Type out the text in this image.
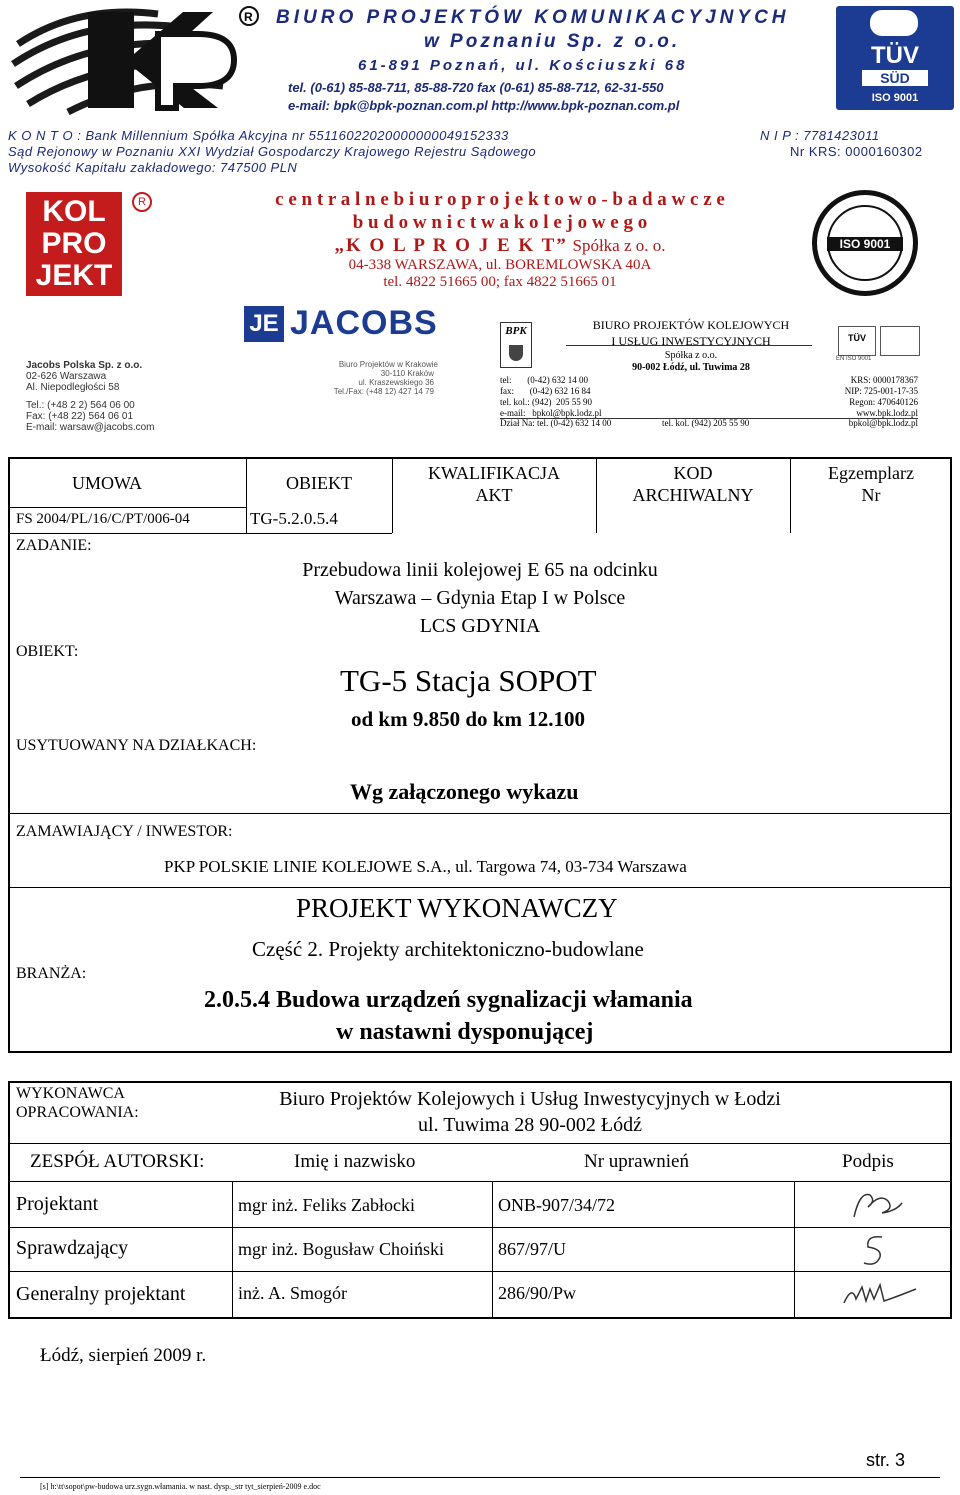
R BIURO PROJEKTÓW KOMUNIKACYJNYCH
w Poznaniu Sp. z o.o.
61-891 Poznań, ul. Kościuszki 68
tel. (0-61) 85-88-711, 85-88-720 fax (0-61) 85-88-712, 62-31-550
e-mail: bpk@bpk-poznan.com.pl http://www.bpk-poznan.com.pl
TÜV
SÜD
ISO 9001
K O N T O : Bank Millennium Spółka Akcyjna nr 55116022020000000049152333	N I P : 7781423011
Sąd Rejonowy w Poznaniu XXI Wydział Gospodarczy Krajowego Rejestru Sądowego	Nr KRS: 0000160302
Wysokość Kapitału zakładowego: 747500 PLN
KOL
PRO
JEKT
R	c e n t r a l n e b i u r o p r o j e k t o w o - b a d a w c z e
b u d o w n i c t w a k o l e j o w e g o
„K O L P R O J E K T” Spółka z o. o.
04-338 WARSZAWA, ul. BOREMLOWSKA 40A
tel. 4822 51665 00; fax 4822 51665 01
ISO 9001
Jacobs Polska Sp. z o.o.
02-626 Warszawa
Al. Niepodległości 58
Tel.: (+48 2 2) 564 06 00
Fax: (+48 22) 564 06 01
E-mail: warsaw@jacobs.com
JE JACOBS
Biuro Projektów w Krakowie
30-110 Kraków
ul. Kraszewskiego 36
Tel./Fax: (+48 12) 427 14 79
BPK	BIURO PROJEKTÓW KOLEJOWYCH
I USŁUG INWESTYCYJNYCH
Spółka z o.o.
90-002 Łódź, ul. Tuwima 28
TÜV
EN ISO 9001
tel:       (0-42) 632 14 00
fax:       (0-42) 632 16 84
tel. kol.: (942)  205 55 90
e-mail:   bpkol@bpk.lodz.pl
Dział Na: tel. (0-42) 632 14 00	tel. kol. (942) 205 55 90
KRS: 0000178367
NIP: 725-001-17-35
Regon: 470640126
www.bpk.lodz.pl
bpkol@bpk.lodz.pl
UMOWA	OBIEKT	KWALIFIKACJA
AKT
KOD
ARCHIWALNY
Egzemplarz
Nr
FS 2004/PL/16/C/PT/006-04	TG-5.2.0.5.4
ZADANIE:
Przebudowa linii kolejowej E 65 na odcinku
Warszawa – Gdynia Etap I w Polsce
LCS GDYNIA
OBIEKT:
TG-5 Stacja SOPOT
od km 9.850 do km 12.100
USYTUOWANY NA DZIAŁKACH:
Wg załączonego wykazu
ZAMAWIAJĄCY / INWESTOR:
PKP POLSKIE LINIE KOLEJOWE S.A., ul. Targowa 74, 03-734 Warszawa
PROJEKT WYKONAWCZY
Część 2. Projekty architektoniczno-budowlane
BRANŻA:
2.0.5.4 Budowa urządzeń sygnalizacji włamania
w nastawni dysponującej
WYKONAWCA
OPRACOWANIA:
Biuro Projektów Kolejowych i Usług Inwestycyjnych w Łodzi
ul. Tuwima 28 90-002 Łódź
ZESPÓŁ AUTORSKI:	Imię i nazwisko	Nr uprawnień	Podpis
Projektant	mgr inż. Feliks Zabłocki	ONB-907/34/72
Sprawdzający	mgr inż. Bogusław Choiński	867/97/U
Generalny projektant	inż. A. Smogór	286/90/Pw
Łódź, sierpień 2009 r.
str. 3
[s] h:\tt\sopot\pw-budowa urz.sygn.włamania. w nast. dysp._str tyt_sierpień-2009 e.doc
